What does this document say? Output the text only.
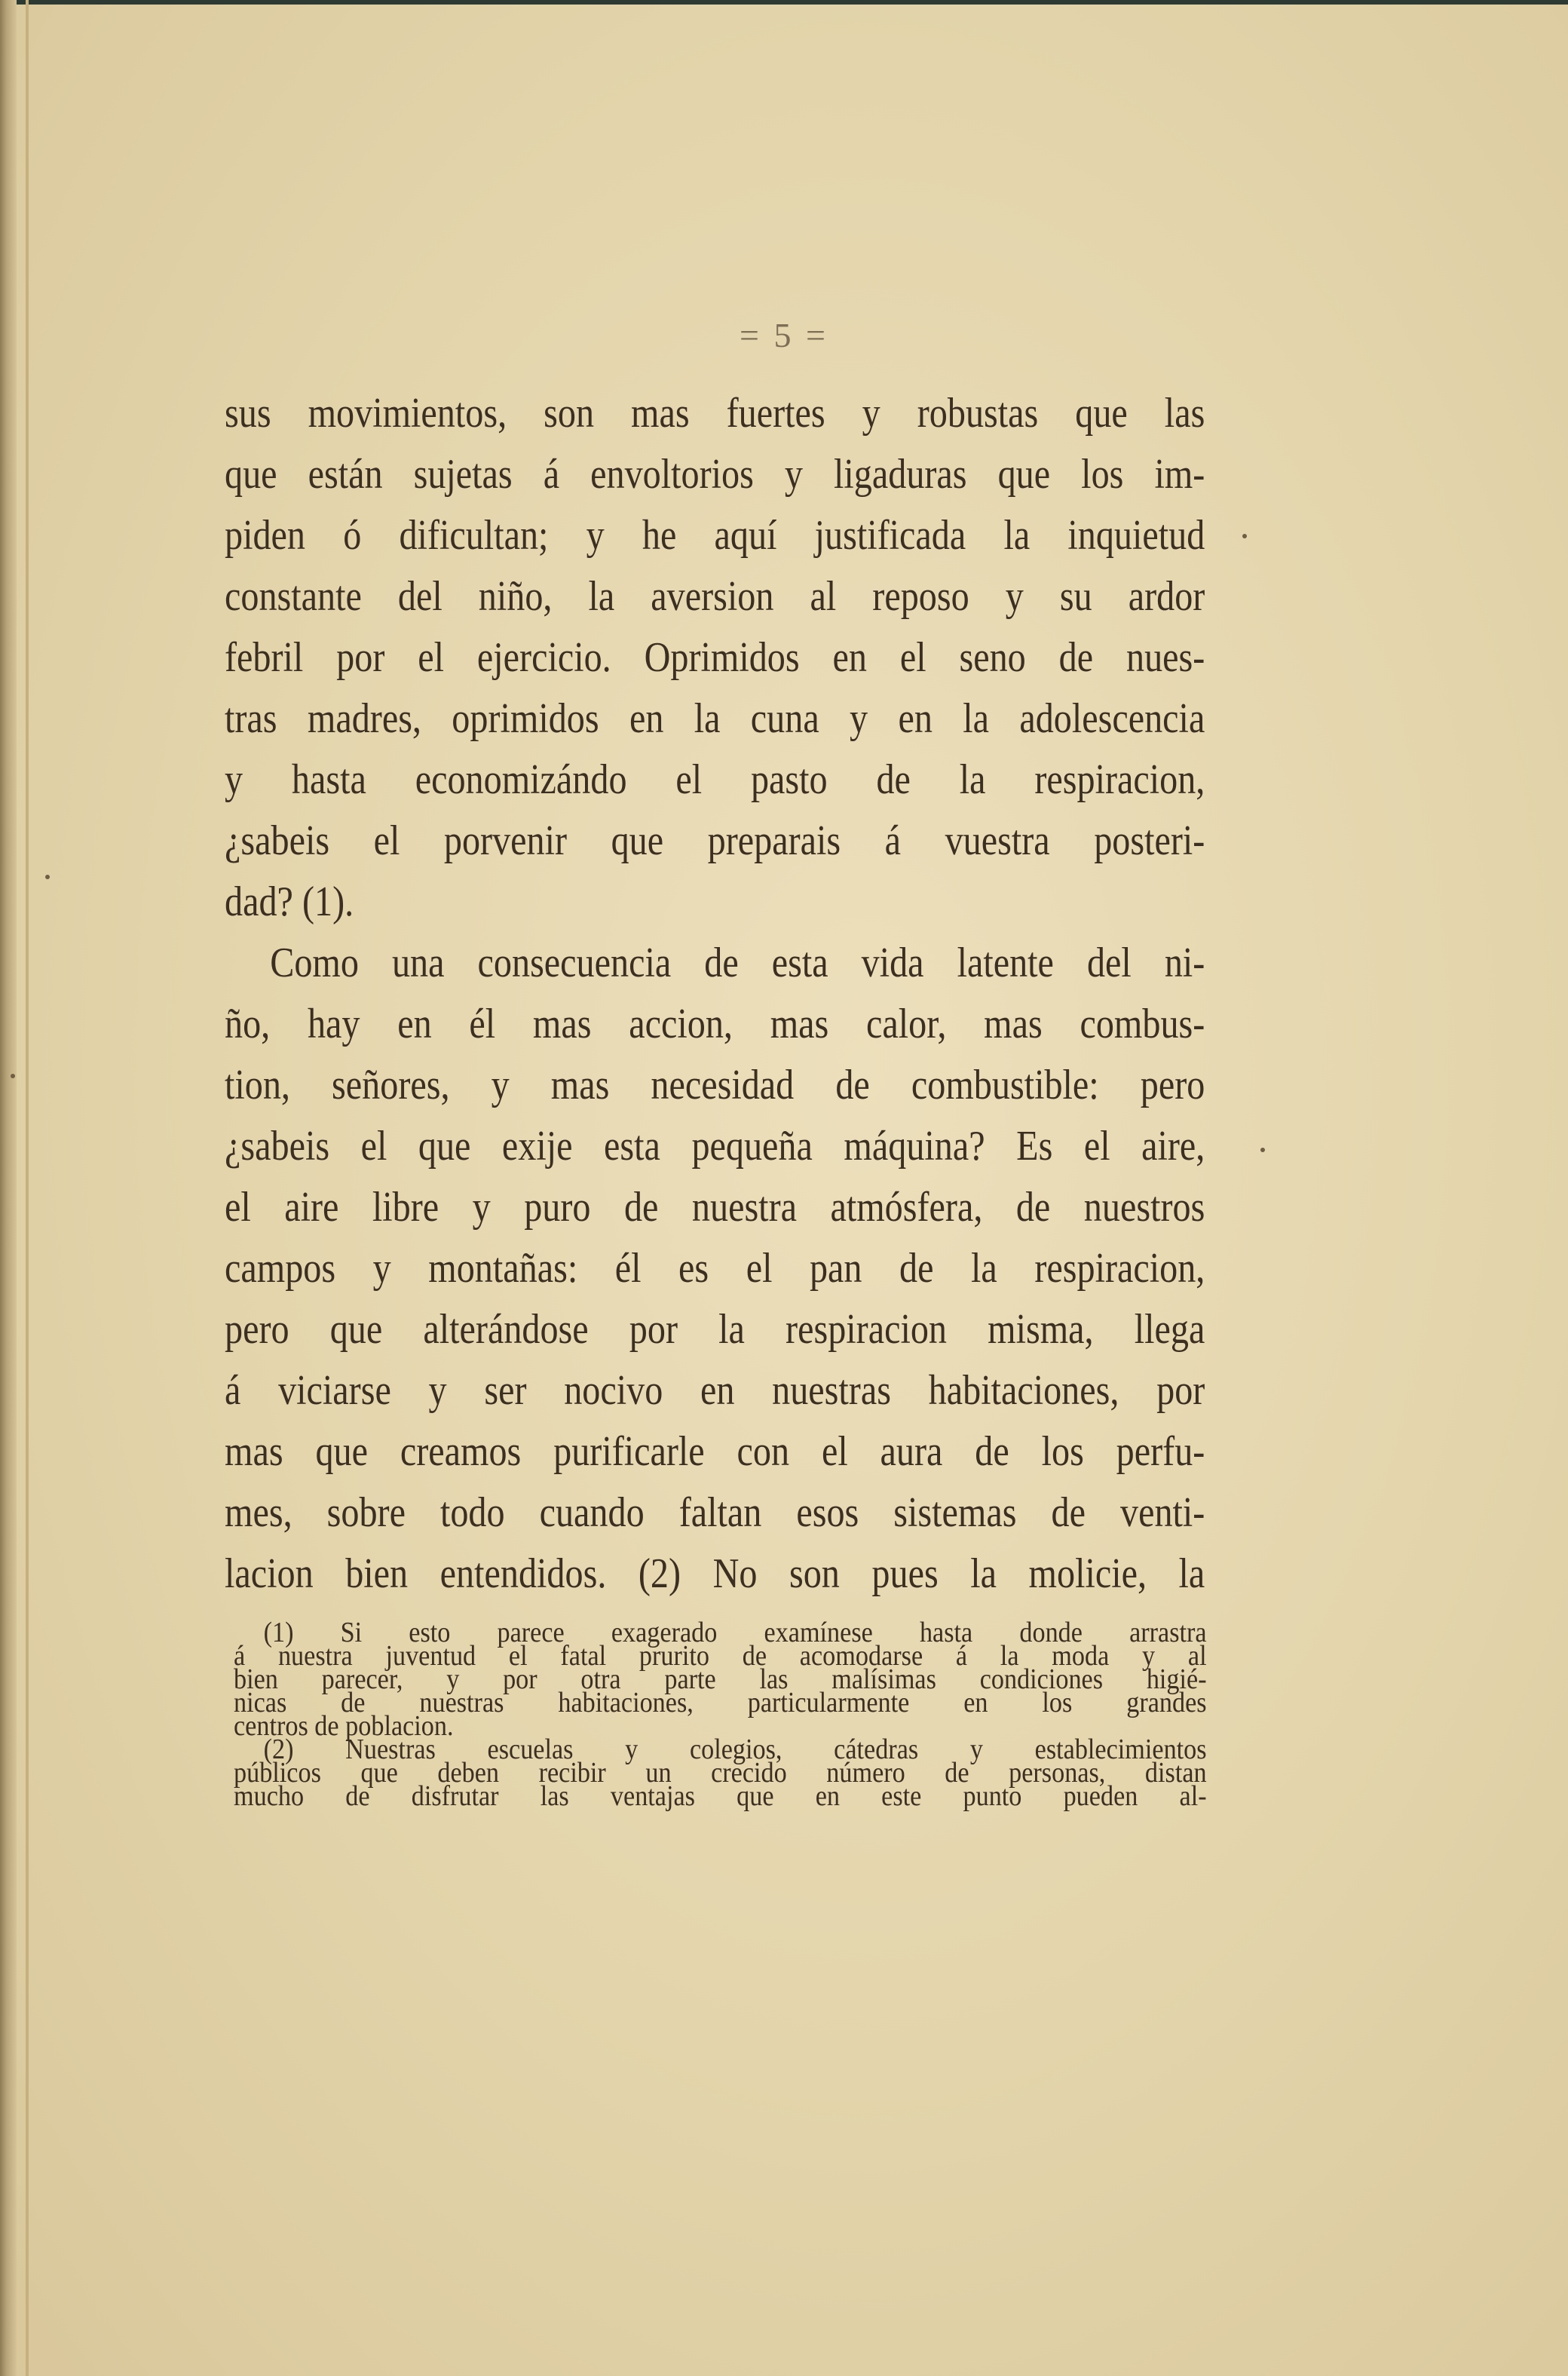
= 5 =
sus movimientos, son mas fuertes y robustas que las
que están sujetas á envoltorios y ligaduras que los im-
piden ó dificultan; y he aquí justificada la inquietud
constante del niño, la aversion al reposo y su ardor
febril por el ejercicio. Oprimidos en el seno de nues-
tras madres, oprimidos en la cuna y en la adolescencia
y hasta economizándo el pasto de la respiracion,
¿sabeis el porvenir que preparais á vuestra posteri-
dad? (1).
Como una consecuencia de esta vida latente del ni-
ño, hay en él mas accion, mas calor, mas combus-
tion, señores, y mas necesidad de combustible: pero
¿sabeis el que exije esta pequeña máquina? Es el aire,
el aire libre y puro de nuestra atmósfera, de nuestros
campos y montañas: él es el pan de la respiracion,
pero que alterándose por la respiracion misma, llega
á viciarse y ser nocivo en nuestras habitaciones, por
mas que creamos purificarle con el aura de los perfu-
mes, sobre todo cuando faltan esos sistemas de venti-
lacion bien entendidos. (2) No son pues la molicie, la
(1) Si esto parece exagerado examínese hasta donde arrastra
á nuestra juventud el fatal prurito de acomodarse á la moda y al
bien parecer, y por otra parte las malísimas condiciones higié-
nicas de nuestras habitaciones, particularmente en los grandes
centros de poblacion.
(2) Nuestras escuelas y colegios, cátedras y establecimientos
públicos que deben recibir un crecido número de personas, distan
mucho de disfrutar las ventajas que en este punto pueden al-
